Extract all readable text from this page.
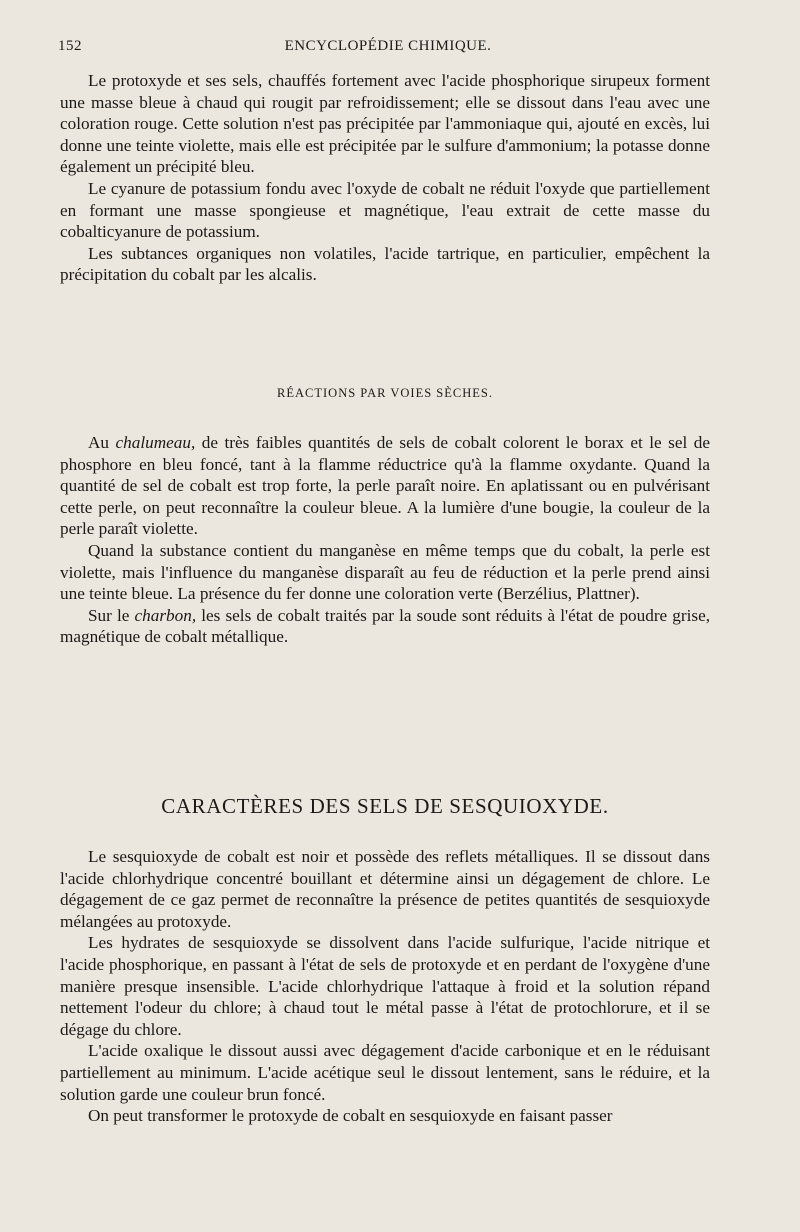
152	ENCYCLOPÉDIE CHIMIQUE.

Le protoxyde et ses sels, chauffés fortement avec l'acide phosphorique sirupeux forment une masse bleue à chaud qui rougit par refroidissement; elle se dissout dans l'eau avec une coloration rouge. Cette solution n'est pas précipitée par l'ammoniaque qui, ajouté en excès, lui donne une teinte violette, mais elle est précipitée par le sulfure d'ammonium; la potasse donne également un précipité bleu.

Le cyanure de potassium fondu avec l'oxyde de cobalt ne réduit l'oxyde que partiellement en formant une masse spongieuse et magnétique, l'eau extrait de cette masse du cobalticyanure de potassium.

Les subtances organiques non volatiles, l'acide tartrique, en particulier, empêchent la précipitation du cobalt par les alcalis.

RÉACTIONS PAR VOIES SÈCHES.

Au chalumeau, de très faibles quantités de sels de cobalt colorent le borax et le sel de phosphore en bleu foncé, tant à la flamme réductrice qu'à la flamme oxydante. Quand la quantité de sel de cobalt est trop forte, la perle paraît noire. En aplatissant ou en pulvérisant cette perle, on peut reconnaître la couleur bleue. A la lumière d'une bougie, la couleur de la perle paraît violette.

Quand la substance contient du manganèse en même temps que du cobalt, la perle est violette, mais l'influence du manganèse disparaît au feu de réduction et la perle prend ainsi une teinte bleue. La présence du fer donne une coloration verte (Berzélius, Plattner).

Sur le charbon, les sels de cobalt traités par la soude sont réduits à l'état de poudre grise, magnétique de cobalt métallique.

CARACTÈRES DES SELS DE SESQUIOXYDE.

Le sesquioxyde de cobalt est noir et possède des reflets métalliques. Il se dissout dans l'acide chlorhydrique concentré bouillant et détermine ainsi un dégagement de chlore. Le dégagement de ce gaz permet de reconnaître la présence de petites quantités de sesquioxyde mélangées au protoxyde.

Les hydrates de sesquioxyde se dissolvent dans l'acide sulfurique, l'acide nitrique et l'acide phosphorique, en passant à l'état de sels de protoxyde et en perdant de l'oxygène d'une manière presque insensible. L'acide chlorhydrique l'attaque à froid et la solution répand nettement l'odeur du chlore; à chaud tout le métal passe à l'état de protochlorure, et il se dégage du chlore.

L'acide oxalique le dissout aussi avec dégagement d'acide carbonique et en le réduisant partiellement au minimum. L'acide acétique seul le dissout lentement, sans le réduire, et la solution garde une couleur brun foncé.

On peut transformer le protoxyde de cobalt en sesquioxyde en faisant passer
